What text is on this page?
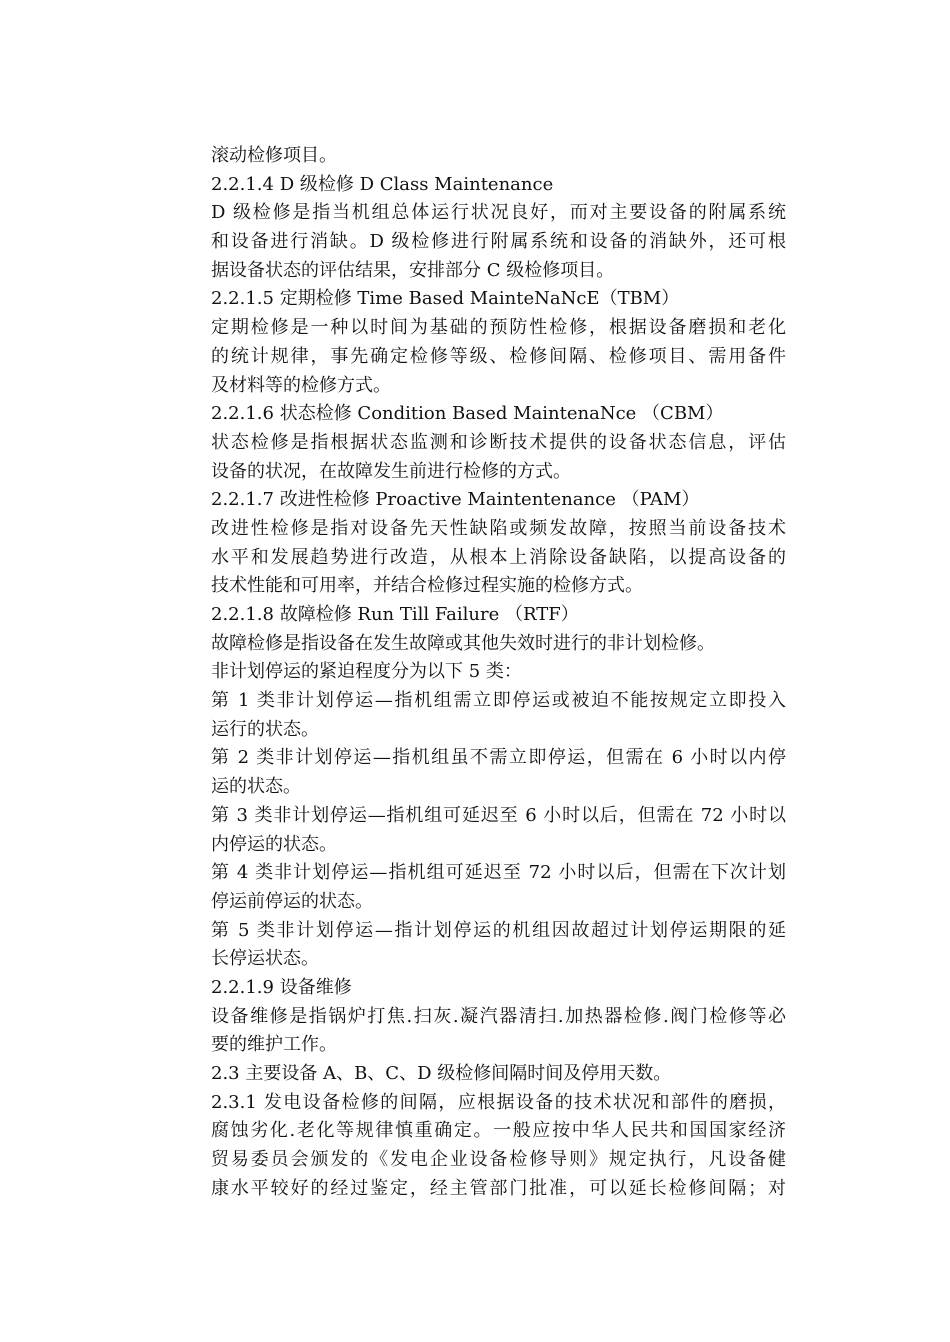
滚动检修项目。
2.2.1.4 D 级检修 D Class Maintenance
D 级检修是指当机组总体运行状况良好，而对主要设备的附属系统
和设备进行消缺。D 级检修进行附属系统和设备的消缺外，还可根
据设备状态的评估结果，安排部分 C 级检修项目。
2.2.1.5 定期检修 Time Based MainteNaNcE（TBM）
定期检修是一种以时间为基础的预防性检修，根据设备磨损和老化
的统计规律，事先确定检修等级、检修间隔、检修项目、需用备件
及材料等的检修方式。
2.2.1.6 状态检修 Condition Based MaintenaNce （CBM）
状态检修是指根据状态监测和诊断技术提供的设备状态信息，评估
设备的状况，在故障发生前进行检修的方式。
2.2.1.7 改进性检修 Proactive Maintentenance （PAM）
改进性检修是指对设备先天性缺陷或频发故障，按照当前设备技术
水平和发展趋势进行改造，从根本上消除设备缺陷，以提高设备的
技术性能和可用率，并结合检修过程实施的检修方式。
2.2.1.8 故障检修 Run Till Failure （RTF）
故障检修是指设备在发生故障或其他失效时进行的非计划检修。
非计划停运的紧迫程度分为以下 5 类：
第 1 类非计划停运—指机组需立即停运或被迫不能按规定立即投入
运行的状态。
第 2 类非计划停运—指机组虽不需立即停运，但需在 6 小时以内停
运的状态。
第 3 类非计划停运—指机组可延迟至 6 小时以后，但需在 72 小时以
内停运的状态。
第 4 类非计划停运—指机组可延迟至 72 小时以后，但需在下次计划
停运前停运的状态。
第 5 类非计划停运—指计划停运的机组因故超过计划停运期限的延
长停运状态。
2.2.1.9 设备维修
设备维修是指锅炉打焦.扫灰.凝汽器清扫.加热器检修.阀门检修等必
要的维护工作。
2.3 主要设备 A、B、C、D 级检修间隔时间及停用天数。
2.3.1 发电设备检修的间隔，应根据设备的技术状况和部件的磨损，
腐蚀劣化.老化等规律慎重确定。一般应按中华人民共和国国家经济
贸易委员会颁发的《发电企业设备检修导则》规定执行，凡设备健
康水平较好的经过鉴定，经主管部门批准，可以延长检修间隔；对
